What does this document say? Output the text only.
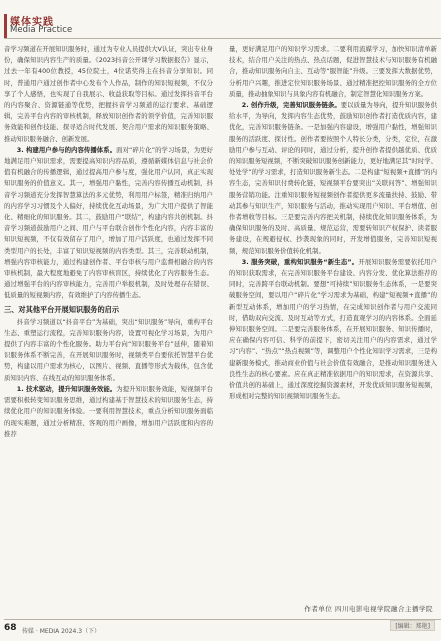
媒体实践
Media Practice

音学习频道在开展知识服务时，通过为专业人员提供大V认证，突出专业身份，确保知识内容生产的质量。《2023抖音公开课学习数据报告》显示，过去一年有400位教授，45位院士，4位诺奖得主在抖音分享知识。同时，普通用户通过创作者中心发布个人作品，制作的知识短视频，不仅分享了个人感悟，也实现了自我展示、收益获取等目标。通过发挥抖音平台的内容聚合、资源链通等优势，把握抖音学习频道的运行要求、基础逻辑，完善平台内容的审核机制，释放知识创作者的领学价值，完善知识服务效能和创作技能、探寻适合时代发展、契合用户需求的知识服务策略、推动知识服务融合、创新发展。

3. 构建用户参与的内容传播体系。面对“碎片化”的学习场景，为更好地满足用户知识需求，需要提高知识内容品质，遵循新媒体信息与社会价值有机融合的传播逻辑，通过提高用户参与度，强化用户认同，真正实现知识服务的价值意义。其一，增强用户黏性，完善内容传播互动机制，抖音学习频道充分发挥智慧算法的多元优势，利用用户标签，精准归纳用户的内容学习习惯及个人偏好，持续优化互动场景，为广大用户提供了智能化、精细化的知识服务。其二，鼓励用户“联结”，构建内容共创机制。抖音学习频道鼓励用户之间、用户与平台联合创作个性化内容，内容丰富的知识短视频，不仅有效留存了用户，增加了用户活跃度，也通过发挥不同类型用户的长处，丰富了知识短视频的内容类型。其三，完善联动机制，增强内容审核能力，通过构建创作者、平台审核与用户监督相融合的内容审核机制，最大程度地避免了内容审核盲区，持续优化了内容服务生态。通过增强平台的内容审核能力，完善用户举报机制，及时处理存在错误、低质量的短视频内容，有效维护了内容传播生态。

三、对其他平台开展知识服务的启示

抖音学习频道以“抖音平台”为基础，突出“知识服务”导向，重构平台生态、重塑运行流程，完善知识服务内容，设置可视化学习场景，为用户提供了内容丰富的个性化服务。助力平台向“知识服务平台”延伸，随着知识服务体系不断完善，在开展知识服务时，视频类平台要依托智慧平台优势，构建以用户需求为核心，以图片、视频、直播等形式为载体，包含优质知识内容、在线互动的知识服务体系。

1. 技术驱动，提升知识服务效能。为提升知识服务效能，短视频平台需要积极转变知识服务思维，通过构建基于智慧技术的知识服务生态，持续优化用户的知识服务体验。一要利用智慧技术，重点分析知识服务面临的现实难题，通过分析精准、客观的用户画像，增加用户活跃度和内容的推荐

量，更好满足用户的知识学习需求。二要利用流媒学习，加快知识清单新技术，结合用户关注的热点、热点话题，促进智慧技术与知识服务有机融合，推动知识服务向自主、互动等“服智能”升级。三要发挥大数据优势，分析用户兴趣，推进定位知识服务场景、通过精准把控知识服务的全方位质量，推动抽象知识与具象内容有机融合，制定智慧化知识服务方案。

2. 创作升级，完善知识服务链条。要以质量为导向，提升知识服务供给水平，为导向，发挥内容生态优势，鼓励知识创作者打造优质内容，建优化，完善知识服务链条。一是加强内容建设，增强用户黏性，增强知识服务的活跃度、探讨性。创作者要按照个人特长分类，分类，定位，在激励用户参与互动、评论的同时，通过分析，提升创作者提供越优质、优质的知识服务短视频，不断突破知识服务创新能力，更好地满足其“时时学、处处学”的学习需求，打造知识服务新生态。二是构建“短视频+直播”的内容生态，完善知识付费转化链，短视频平台要突出“关联问答”、增强知识服务营销功能。注重知识服务短视频创作者提供更多流量扶持、鼓励、带动其参与知识生产，知识服务与活动，推动实现用户知识、平台增值、创作者增收等目标。三是要完善内容把关机制，持续优化知识服务体系，为确保知识服务的及时、高质量、规范运营，需要转知识产权保护、读者服务建设，在规避侵权、抄袭现象的同时，开发增值服务，完善知识短视频，规范知识服务价值转化机制。

3. 服务突破，重构知识服务“新生态”。开展知识服务需要依托用户的知识获取需求，在完善知识服务平台建设、内容分发、优化算法推荐的同时，完善跨平台联动机制。要想“可持续”知识服务生态体系，一是要突破服务空间，要以用户“碎片化”学习需求为基础，构建“短视频+直播”的新型互动体系，增加用户的学习热情，在完成知识创作者与用户交流同时，借助双向交流、及时互动等方式，打造直观学习的内容体系。全面延伸知识服务空间。二是要完善服务体系，在开展知识服务、知识传播时，应在确保内容可信、科学的前提下，密切关注用户的内容需求，通过学习“内容”、“热点”“热点视频”等，调整用户个性化知识学习需求，三是构建新服务模式，推动商业价值与社会价值有效融合，是推动知识服务进入良性生态的核心要素。应在真正精准依据用户的知识需求，在资源共享、价值共创的基础上，通过深度挖掘资源素材，开发优质知识服务短视频，形成相对完整的知识视频知识服务生态。

作者单位 四川电影电视学院融合主播学院
[编辑：郑艳]
68 传媒 · MEDIA 2024.3（下）
